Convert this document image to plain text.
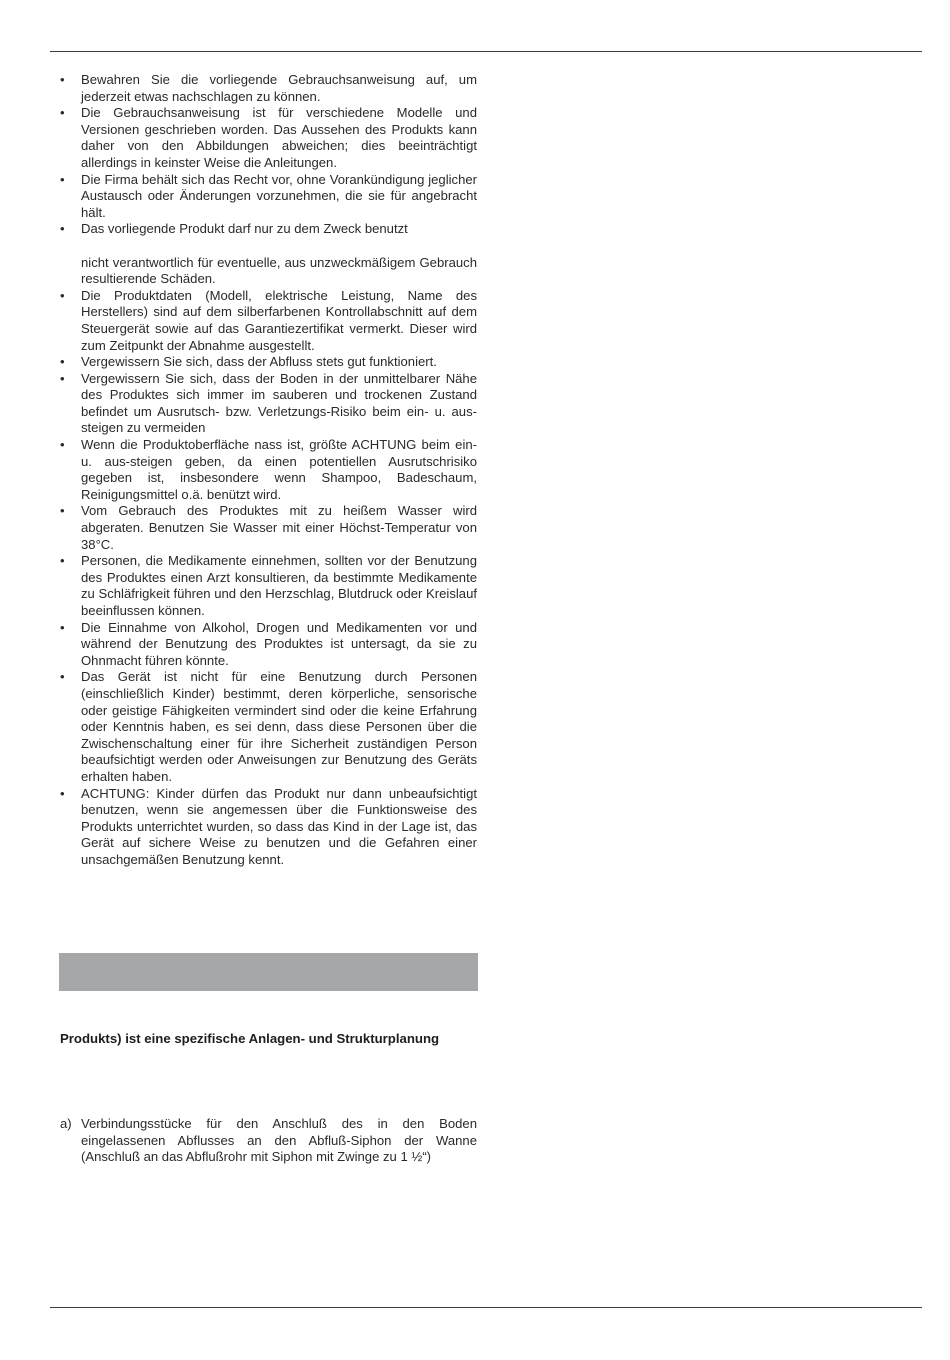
•	Bewahren Sie die vorliegende Gebrauchsanweisung auf, um jederzeit etwas nachschlagen zu können.
•	Die Gebrauchsanweisung ist für verschiedene Modelle und Versionen geschrieben worden. Das Aussehen des Produkts kann daher von den Abbildungen abweichen; dies beeinträchtigt allerdings in keinster Weise die Anleitungen.
•	Die Firma behält sich das Recht vor, ohne Vorankündigung jeglicher Austausch oder Änderungen vorzunehmen, die sie für angebracht hält.
•	Das vorliegende Produkt darf nur zu dem Zweck benutzt
nicht verantwortlich für eventuelle, aus unzweckmäßigem Gebrauch resultierende Schäden.
•	Die Produktdaten (Modell, elektrische Leistung, Name des Herstellers) sind auf dem silberfarbenen Kontrollabschnitt auf dem Steuergerät sowie auf das Garantiezertifikat vermerkt. Dieser wird zum Zeitpunkt der Abnahme ausgestellt.
•	Vergewissern Sie sich, dass der Abfluss stets gut funktioniert.
•	Vergewissern Sie sich, dass der Boden in der unmittelbarer Nähe des Produktes sich immer im sauberen und trockenen Zustand befindet um Ausrutsch- bzw. Verletzungs-Risiko beim ein- u. aus-steigen zu vermeiden
•	Wenn die Produktoberfläche nass ist, größte ACHTUNG beim ein- u. aus-steigen geben, da einen potentiellen Ausrutschrisiko gegeben ist, insbesondere wenn Shampoo, Badeschaum, Reinigungsmittel o.ä. benützt wird.
•	Vom Gebrauch des Produktes mit zu heißem Wasser wird abgeraten. Benutzen Sie Wasser mit einer Höchst-Temperatur von 38°C.
•	Personen, die Medikamente einnehmen, sollten vor der Benutzung des Produktes einen Arzt konsultieren, da bestimmte Medikamente zu Schläfrigkeit führen und den Herzschlag, Blutdruck oder Kreislauf beeinflussen können.
•	Die Einnahme von Alkohol, Drogen und Medikamenten vor und während der Benutzung des Produktes ist untersagt, da sie zu Ohnmacht führen könnte.
•	Das Gerät ist nicht für eine Benutzung durch Personen (einschließlich Kinder) bestimmt, deren körperliche, sensorische oder geistige Fähigkeiten vermindert sind oder die keine Erfahrung oder Kenntnis haben, es sei denn, dass diese Personen über die Zwischenschaltung einer für ihre Sicherheit zuständigen Person beaufsichtigt werden oder Anweisungen zur Benutzung des Geräts erhalten haben.
•	ACHTUNG: Kinder dürfen das Produkt nur dann unbeaufsichtigt benutzen, wenn sie angemessen über die Funktionsweise des Produkts unterrichtet wurden, so dass das Kind in der Lage ist, das Gerät auf sichere Weise zu benutzen und die Gefahren einer unsachgemäßen Benutzung kennt.
Produkts) ist eine spezifische Anlagen- und Strukturplanung
a) Verbindungsstücke für den Anschluß des in den Boden eingelassenen Abflusses an den Abfluß-Siphon der Wanne (Anschluß an das Abflußrohr mit Siphon mit Zwinge zu 1 ½“)
